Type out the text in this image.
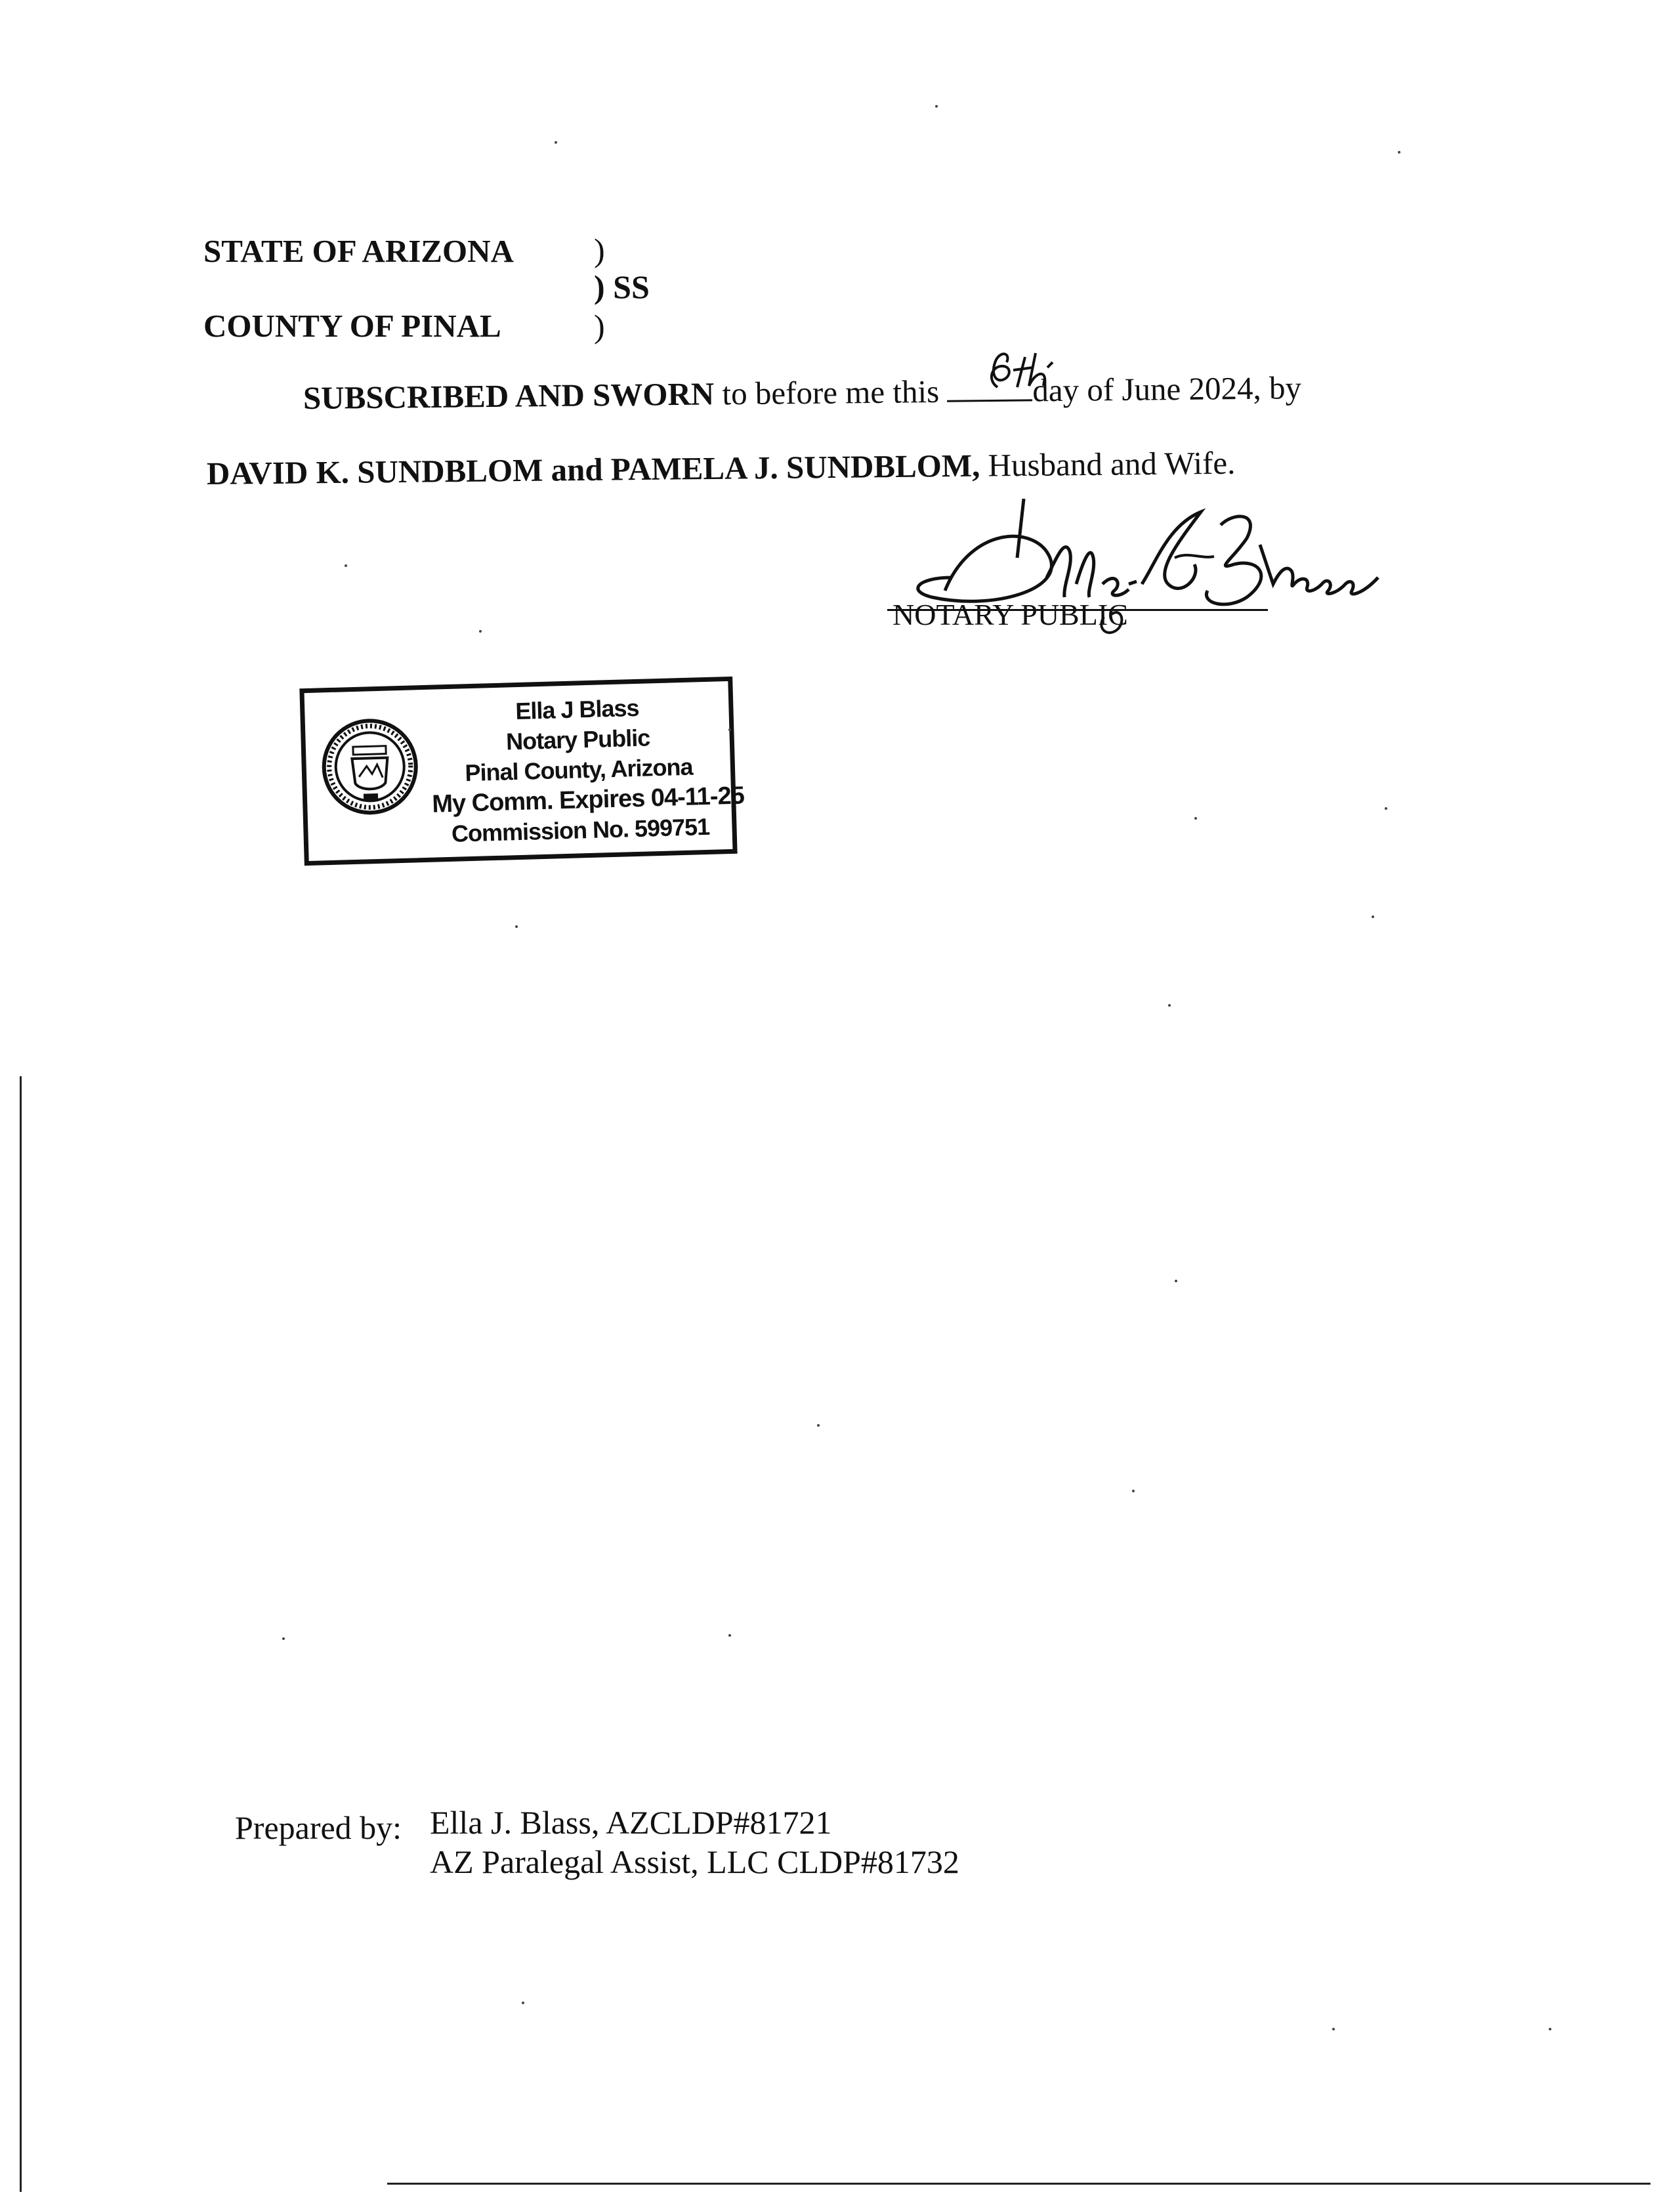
STATE OF ARIZONA )
) SS
COUNTY OF PINAL	)
SUBSCRIBED AND SWORN to before me this	day of June 2024, by
DAVID K. SUNDBLOM and PAMELA J. SUNDBLOM, Husband and Wife.
NOTARY PUBLIC
Ella J Blass
Notary Public
Pinal County, Arizona
My Comm. Expires 04-11-25
Commission No. 599751
Prepared by: Ella J. Blass, AZCLDP#81721
AZ Paralegal Assist, LLC CLDP#81732
